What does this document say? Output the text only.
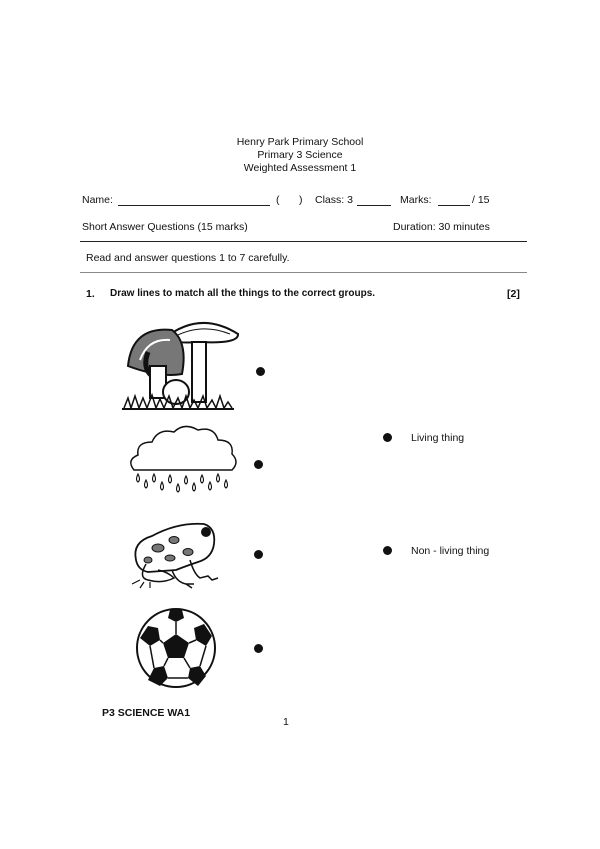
Henry Park Primary School
Primary 3 Science
Weighted Assessment 1
Name:	( ) Class: 3	Marks:	/ 15
Short Answer Questions (15 marks)	Duration: 30 minutes
Read and answer questions 1 to 7 carefully.
1. Draw lines to match all the things to the correct groups.	[2]
Living thing
Non - living thing
P3 SCIENCE WA1
1
